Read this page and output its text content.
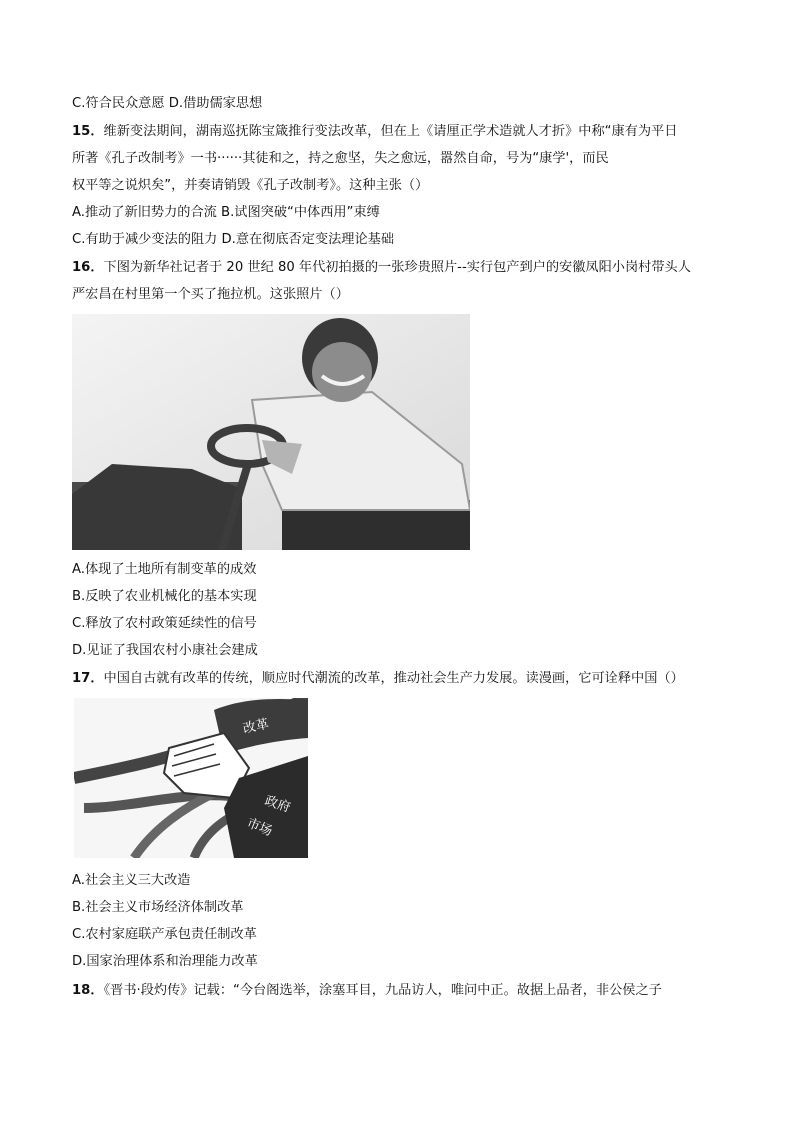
C.符合民众意愿 D.借助儒家思想
15．维新变法期间，湖南巡抚陈宝箴推行变法改革，但在上《请厘正学术造就人才折》中称“康有为平日
所著《孔子改制考》一书······其徒和之，持之愈坚，失之愈远，嚣然自命，号为“康学'，而民
权平等之说炽矣”，并奏请销毁《孔子改制考》。这种主张（）
A.推动了新旧势力的合流 B.试图突破“中体西用”束缚
C.有助于减少变法的阻力 D.意在彻底否定变法理论基础
16．下图为新华社记者于 20 世纪 80 年代初拍摄的一张珍贵照片--实行包产到户的安徽凤阳小岗村带头人
严宏昌在村里第一个买了拖拉机。这张照片（）
A.体现了土地所有制变革的成效
B.反映了农业机械化的基本实现
C.释放了农村政策延续性的信号
D.见证了我国农村小康社会建成
17．中国自古就有改革的传统，顺应时代潮流的改革，推动社会生产力发展。读漫画，它可诠释中国（）
改革
政府
市场
A.社会主义三大改造
B.社会主义市场经济体制改革
C.农村家庭联产承包责任制改革
D.国家治理体系和治理能力改革
18．《晋书·段灼传》记载：“今台阁选举，涂塞耳目，九品访人，唯问中正。故据上品者，非公侯之子
